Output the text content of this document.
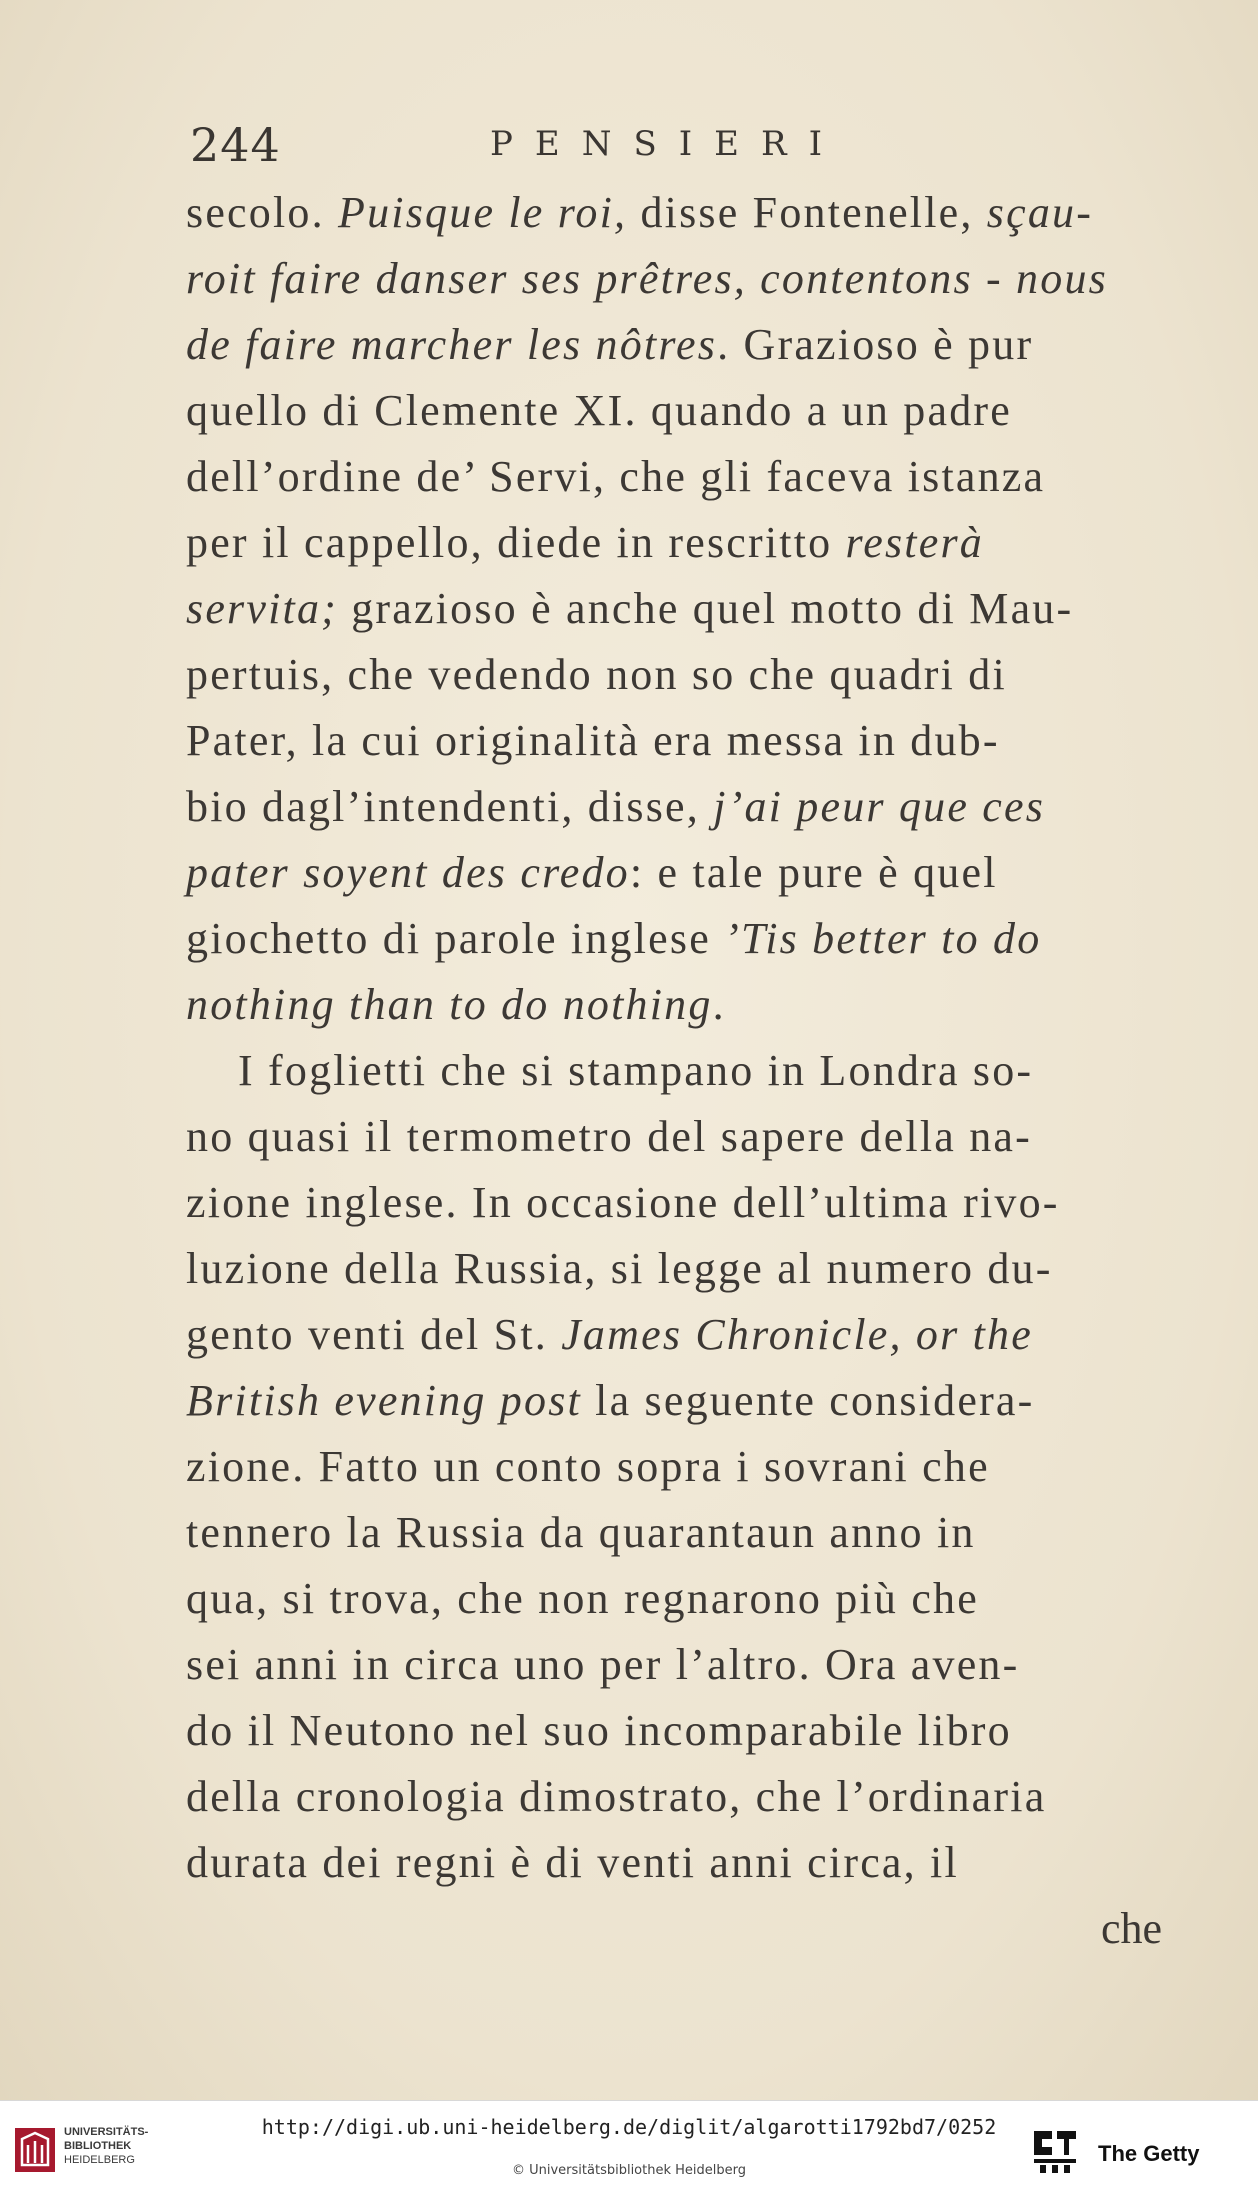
244	PENSIERI
secolo. Puisque le roi, disse Fontenelle, sçau-
roit faire danser ses prêtres, contentons - nous
de faire marcher les nôtres. Grazioso è pur
quello di Clemente XI. quando a un padre
dell’ordine de’ Servi, che gli faceva istanza
per il cappello, diede in rescritto resterà
servita; grazioso è anche quel motto di Mau-
pertuis, che vedendo non so che quadri di
Pater, la cui originalità era messa in dub-
bio dagl’intendenti, disse, j’ai peur que ces
pater soyent des credo: e tale pure è quel
giochetto di parole inglese ’Tis better to do
nothing than to do nothing.
I foglietti che si stampano in Londra so-
no quasi il termometro del sapere della na-
zione inglese. In occasione dell’ultima rivo-
luzione della Russia, si legge al numero du-
gento venti del St. James Chronicle, or the
British evening post la seguente considera-
zione. Fatto un conto sopra i sovrani che
tennero la Russia da quarantaun anno in
qua, si trova, che non regnarono più che
sei anni in circa uno per l’altro. Ora aven-
do il Neutono nel suo incomparabile libro
della cronologia dimostrato, che l’ordinaria
durata dei regni è di venti anni circa, il
che
UNIVERSITÄTS-
BIBLIOTHEK
HEIDELBERG
http://digi.ub.uni-heidelberg.de/diglit/algarotti1792bd7/0252
© Universitätsbibliothek Heidelberg
The Getty
